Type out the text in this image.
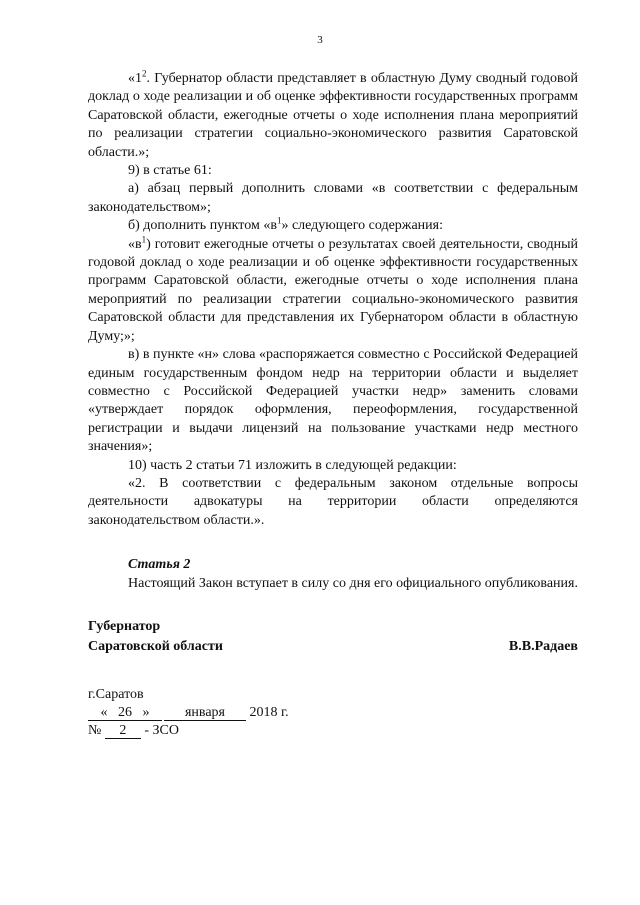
3

«$1^2$. Губернатор области представляет в областную Думу сводный годовой доклад о ходе реализации и об оценке эффективности государственных программ Саратовской области, ежегодные отчеты о ходе исполнения плана мероприятий по реализации стратегии социально-экономического развития Саратовской области.»;

9) в статье 61:

а) абзац первый дополнить словами «в соответствии с федеральным законодательством»;

б) дополнить пунктом «$в^1$» следующего содержания:

«$в^1$) готовит ежегодные отчеты о результатах своей деятельности, сводный годовой доклад о ходе реализации и об оценке эффективности государственных программ Саратовской области, ежегодные отчеты о ходе исполнения плана мероприятий по реализации стратегии социально-экономического развития Саратовской области для представления их Губернатором области в областную Думу;»;

в) в пункте «н» слова «распоряжается совместно с Российской Федерацией единым государственным фондом недр на территории области и выделяет совместно с Российской Федерацией участки недр» заменить словами «утверждает порядок оформления, переоформления, государственной регистрации и выдачи лицензий на пользование участками недр местного значения»;

10) часть 2 статьи 71 изложить в следующей редакции:

«2. В соответствии с федеральным законом отдельные вопросы деятельности адвокатуры на территории области определяются законодательством области.».

Статья 2

Настоящий Закон вступает в силу со дня его официального опубликования.

Губернатор
Саратовской области	В.В.Радаев
г.Саратов
« 26 »	января 2018 г.
№ 2 - ЗСО
